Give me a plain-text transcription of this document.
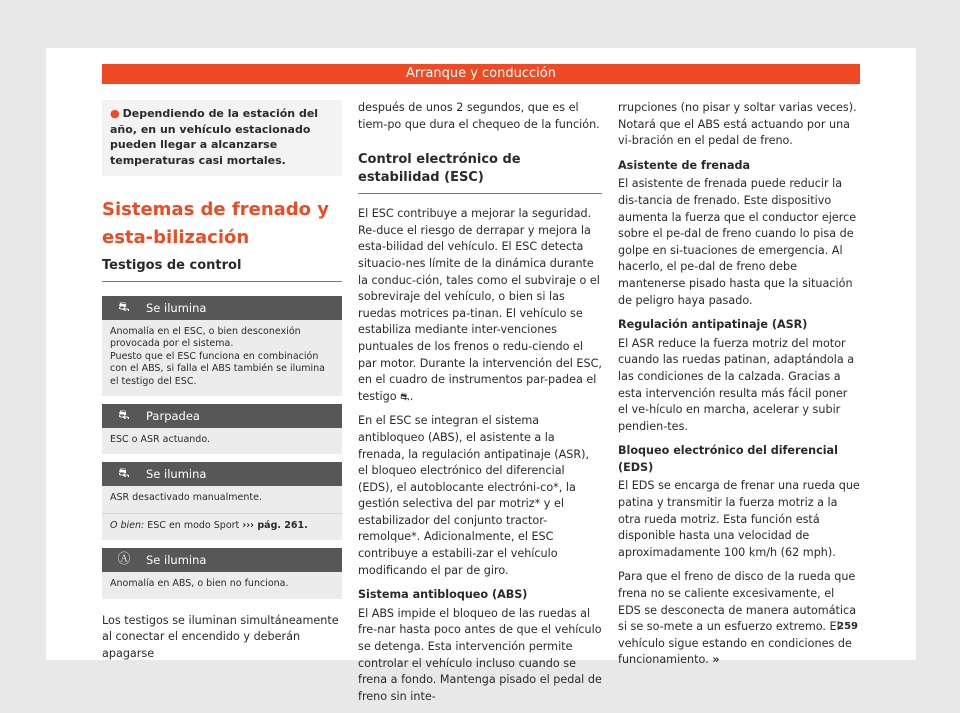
Arranque y conducción
● Dependiendo de la estación del año, en un vehículo estacionado pueden llegar a alcanzarse temperaturas casi mortales.
Sistemas de frenado y esta-bilización
Testigos de control
⛐	Se ilumina
Anomalía en el ESC, o bien desconexión provocada por el sistema.
Puesto que el ESC funciona en combinación con el ABS, si falla el ABS también se ilumina el testigo del ESC.
⛐	Parpadea
ESC o ASR actuando.
⛐	Se ilumina
ASR desactivado manualmente.
O bien: ESC en modo Sport ››› pág. 261.
Ⓐ	Se ilumina
Anomalía en ABS, o bien no funciona.

Los testigos se iluminan simultáneamente al conectar el encendido y deberán apagarse

después de unos 2 segundos, que es el tiem-po que dura el chequeo de la función.

Control electrónico de estabilidad (ESC)

El ESC contribuye a mejorar la seguridad. Re-duce el riesgo de derrapar y mejora la esta-bilidad del vehículo. El ESC detecta situacio-nes límite de la dinámica durante la conduc-ción, tales como el subviraje o el sobreviraje del vehículo, o bien si las ruedas motrices pa-tinan. El vehículo se estabiliza mediante inter-venciones puntuales de los frenos o redu-ciendo el par motor. Durante la intervención del ESC, en el cuadro de instrumentos par-padea el testigo ⛐.

En el ESC se integran el sistema antibloqueo (ABS), el asistente a la frenada, la regulación antipatinaje (ASR), el bloqueo electrónico del diferencial (EDS), el autoblocante electróni-co*, la gestión selectiva del par motriz* y el estabilizador del conjunto tractor-remolque*. Adicionalmente, el ESC contribuye a estabili-zar el vehículo modificando el par de giro.

Sistema antibloqueo (ABS)

El ABS impide el bloqueo de las ruedas al fre-nar hasta poco antes de que el vehículo se detenga. Esta intervención permite controlar el vehículo incluso cuando se frena a fondo. Mantenga pisado el pedal de freno sin inte-

rrupciones (no pisar y soltar varias veces). Notará que el ABS está actuando por una vi-bración en el pedal de freno.

Asistente de frenada

El asistente de frenada puede reducir la dis-tancia de frenado. Este dispositivo aumenta la fuerza que el conductor ejerce sobre el pe-dal de freno cuando lo pisa de golpe en si-tuaciones de emergencia. Al hacerlo, el pe-dal de freno debe mantenerse pisado hasta que la situación de peligro haya pasado.

Regulación antipatinaje (ASR)

El ASR reduce la fuerza motriz del motor cuando las ruedas patinan, adaptándola a las condiciones de la calzada. Gracias a esta intervención resulta más fácil poner el ve-hículo en marcha, acelerar y subir pendien-tes.

Bloqueo electrónico del diferencial (EDS)

El EDS se encarga de frenar una rueda que patina y transmitir la fuerza motriz a la otra rueda motriz. Esta función está disponible hasta una velocidad de aproximadamente 100 km/h (62 mph).

Para que el freno de disco de la rueda que frena no se caliente excesivamente, el EDS se desconecta de manera automática si se so-mete a un esfuerzo extremo. El vehículo sigue estando en condiciones de funcionamiento. »

259
